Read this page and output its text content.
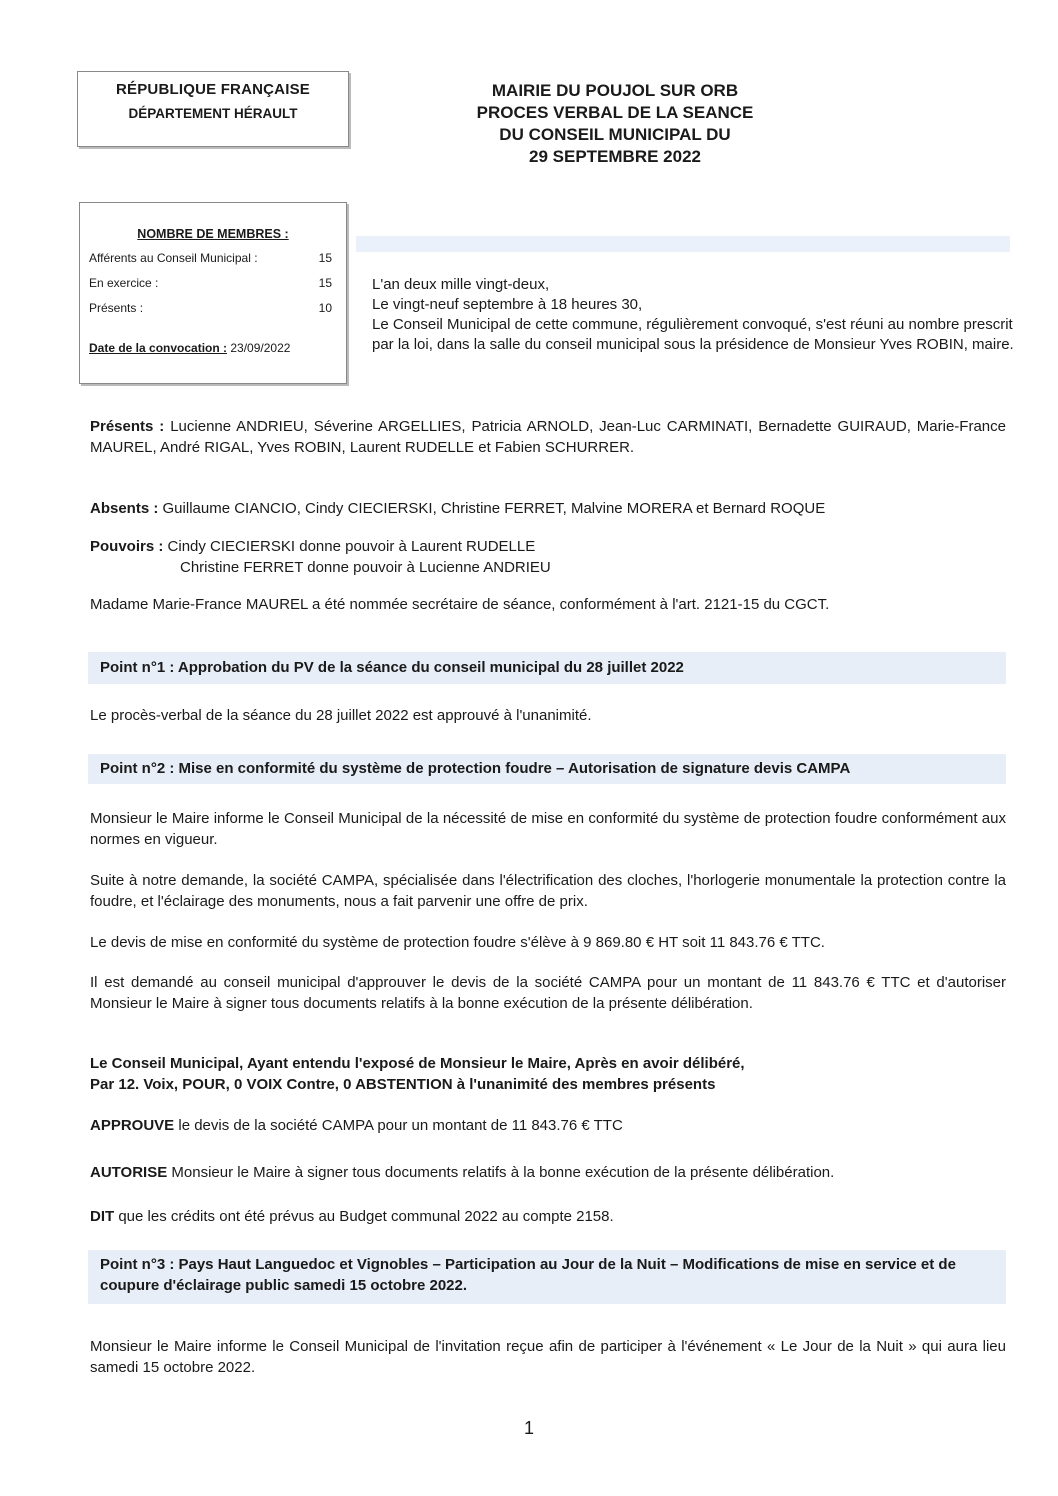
RÉPUBLIQUE FRANÇAISE
DÉPARTEMENT HÉRAULT
MAIRIE DU POUJOL SUR ORB
PROCES VERBAL DE LA SEANCE
DU CONSEIL MUNICIPAL DU
29 SEPTEMBRE 2022
NOMBRE DE MEMBRES :
Afférents au Conseil Municipal :	15
En exercice :	15
Présents :	10
Date de la convocation : 23/09/2022
L'an deux mille vingt-deux,
Le vingt-neuf septembre à 18 heures 30,
Le Conseil Municipal de cette commune, régulièrement convoqué, s'est réuni au nombre prescrit par la loi, dans la salle du conseil municipal sous la présidence de Monsieur Yves ROBIN, maire.
Présents : Lucienne ANDRIEU, Séverine ARGELLIES, Patricia ARNOLD, Jean-Luc CARMINATI, Bernadette GUIRAUD, Marie-France MAUREL, André RIGAL, Yves ROBIN, Laurent RUDELLE et Fabien SCHURRER.
Absents : Guillaume CIANCIO, Cindy CIECIERSKI, Christine FERRET, Malvine MORERA et Bernard ROQUE
Pouvoirs : Cindy CIECIERSKI donne pouvoir à Laurent RUDELLE
Christine FERRET donne pouvoir à Lucienne ANDRIEU
Madame Marie-France MAUREL a été nommée secrétaire de séance, conformément à l'art. 2121-15 du CGCT.
Point n°1 : Approbation du PV de la séance du conseil municipal du 28 juillet 2022
Le procès-verbal de la séance du 28 juillet 2022 est approuvé à l'unanimité.
Point n°2 : Mise en conformité du système de protection foudre – Autorisation de signature devis CAMPA
Monsieur le Maire informe le Conseil Municipal de la nécessité de mise en conformité du système de protection foudre conformément aux normes en vigueur.
Suite à notre demande, la société CAMPA, spécialisée dans l'électrification des cloches, l'horlogerie monumentale la protection contre la foudre, et l'éclairage des monuments, nous a fait parvenir une offre de prix.
Le devis de mise en conformité du système de protection foudre s'élève à 9 869.80 € HT soit 11 843.76 € TTC.
Il est demandé au conseil municipal d'approuver le devis de la société CAMPA pour un montant de 11 843.76 € TTC et d'autoriser Monsieur le Maire à signer tous documents relatifs à la bonne exécution de la présente délibération.
Le Conseil Municipal, Ayant entendu l'exposé de Monsieur le Maire, Après en avoir délibéré,
Par 12. Voix, POUR, 0 VOIX Contre, 0 ABSTENTION à l'unanimité des membres présents
APPROUVE le devis de la société CAMPA pour un montant de 11 843.76 € TTC
AUTORISE Monsieur le Maire à signer tous documents relatifs à la bonne exécution de la présente délibération.
DIT que les crédits ont été prévus au Budget communal 2022 au compte 2158.
Point n°3 : Pays Haut Languedoc et Vignobles – Participation au Jour de la Nuit – Modifications de mise en service et de coupure d'éclairage public samedi 15 octobre 2022.
Monsieur le Maire informe le Conseil Municipal de l'invitation reçue afin de participer à l'événement « Le Jour de la Nuit » qui aura lieu samedi 15 octobre 2022.
1
